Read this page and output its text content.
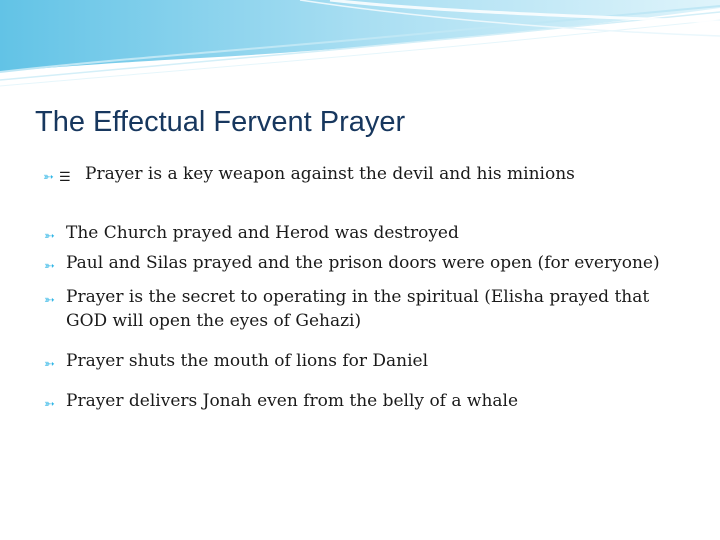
The Effectual Fervent Prayer
➳ ☰ Prayer is a key weapon against the devil and his minions
➳ The Church prayed and Herod was destroyed
➳ Paul and Silas prayed and the prison doors were open (for everyone)
➳ Prayer is the secret to operating in the spiritual (Elisha prayed that GOD will open the eyes of Gehazi)
➳ Prayer shuts the mouth of lions for Daniel
➳ Prayer delivers Jonah even from the belly of a whale
